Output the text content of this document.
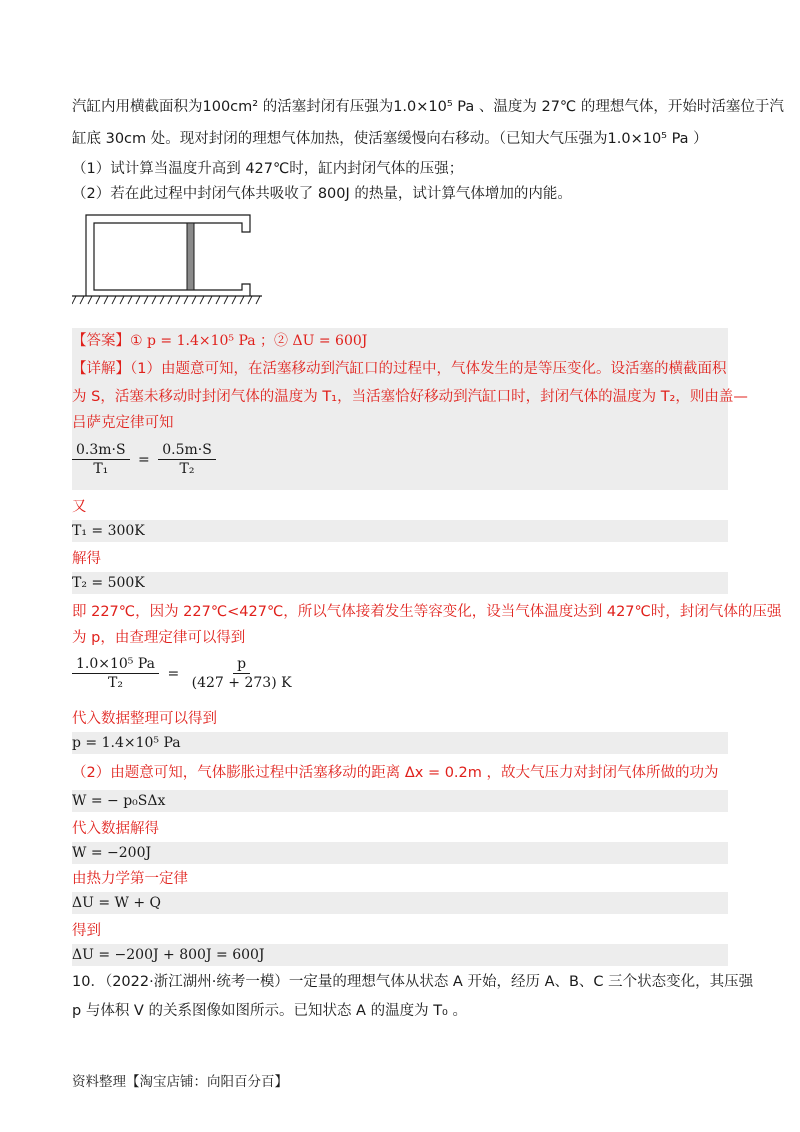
汽缸内用横截面积为100cm² 的活塞封闭有压强为1.0×10⁵ Pa 、温度为 27℃ 的理想气体，开始时活塞位于汽
缸底 30cm 处。现对封闭的理想气体加热，使活塞缓慢向右移动。（已知大气压强为1.0×10⁵ Pa ）
（1）试计算当温度升高到 427℃时，缸内封闭气体的压强；
（2）若在此过程中封闭气体共吸收了 800J 的热量，试计算气体增加的内能。
【答案】① p = 1.4×10⁵ Pa ；② ΔU = 600J
【详解】（1）由题意可知，在活塞移动到汽缸口的过程中，气体发生的是等压变化。设活塞的横截面积
为 S，活塞未移动时封闭气体的温度为 T₁，当活塞恰好移动到汽缸口时，封闭气体的温度为 T₂，则由盖—
吕萨克定律可知
$\frac{0.3m\cdot S}{\text{T₁}} = \frac{0.5m\cdot S}{\text{T₂}}$
又
T₁ = 300K
解得
T₂ = 500K
即 227℃，因为 227℃<427℃，所以气体接着发生等容变化，设当气体温度达到 427℃时，封闭气体的压强
为 p，由查理定律可以得到
$\frac{\text{1.0×10⁵ Pa}}{\text{T₂}} = \frac{p}{(427 + 273) K}$
代入数据整理可以得到
p = 1.4×10⁵ Pa
（2）由题意可知，气体膨胀过程中活塞移动的距离 Δx = 0.2m ，故大气压力对封闭气体所做的功为
W = − p₀SΔx
代入数据解得
W = −200J
由热力学第一定律
ΔU = W + Q
得到
ΔU = −200J + 800J = 600J
10．（2022·浙江湖州·统考一模）一定量的理想气体从状态 A 开始，经历 A、B、C 三个状态变化，其压强
p 与体积 V 的关系图像如图所示。已知状态 A 的温度为 T₀ 。
资料整理【淘宝店铺：向阳百分百】
